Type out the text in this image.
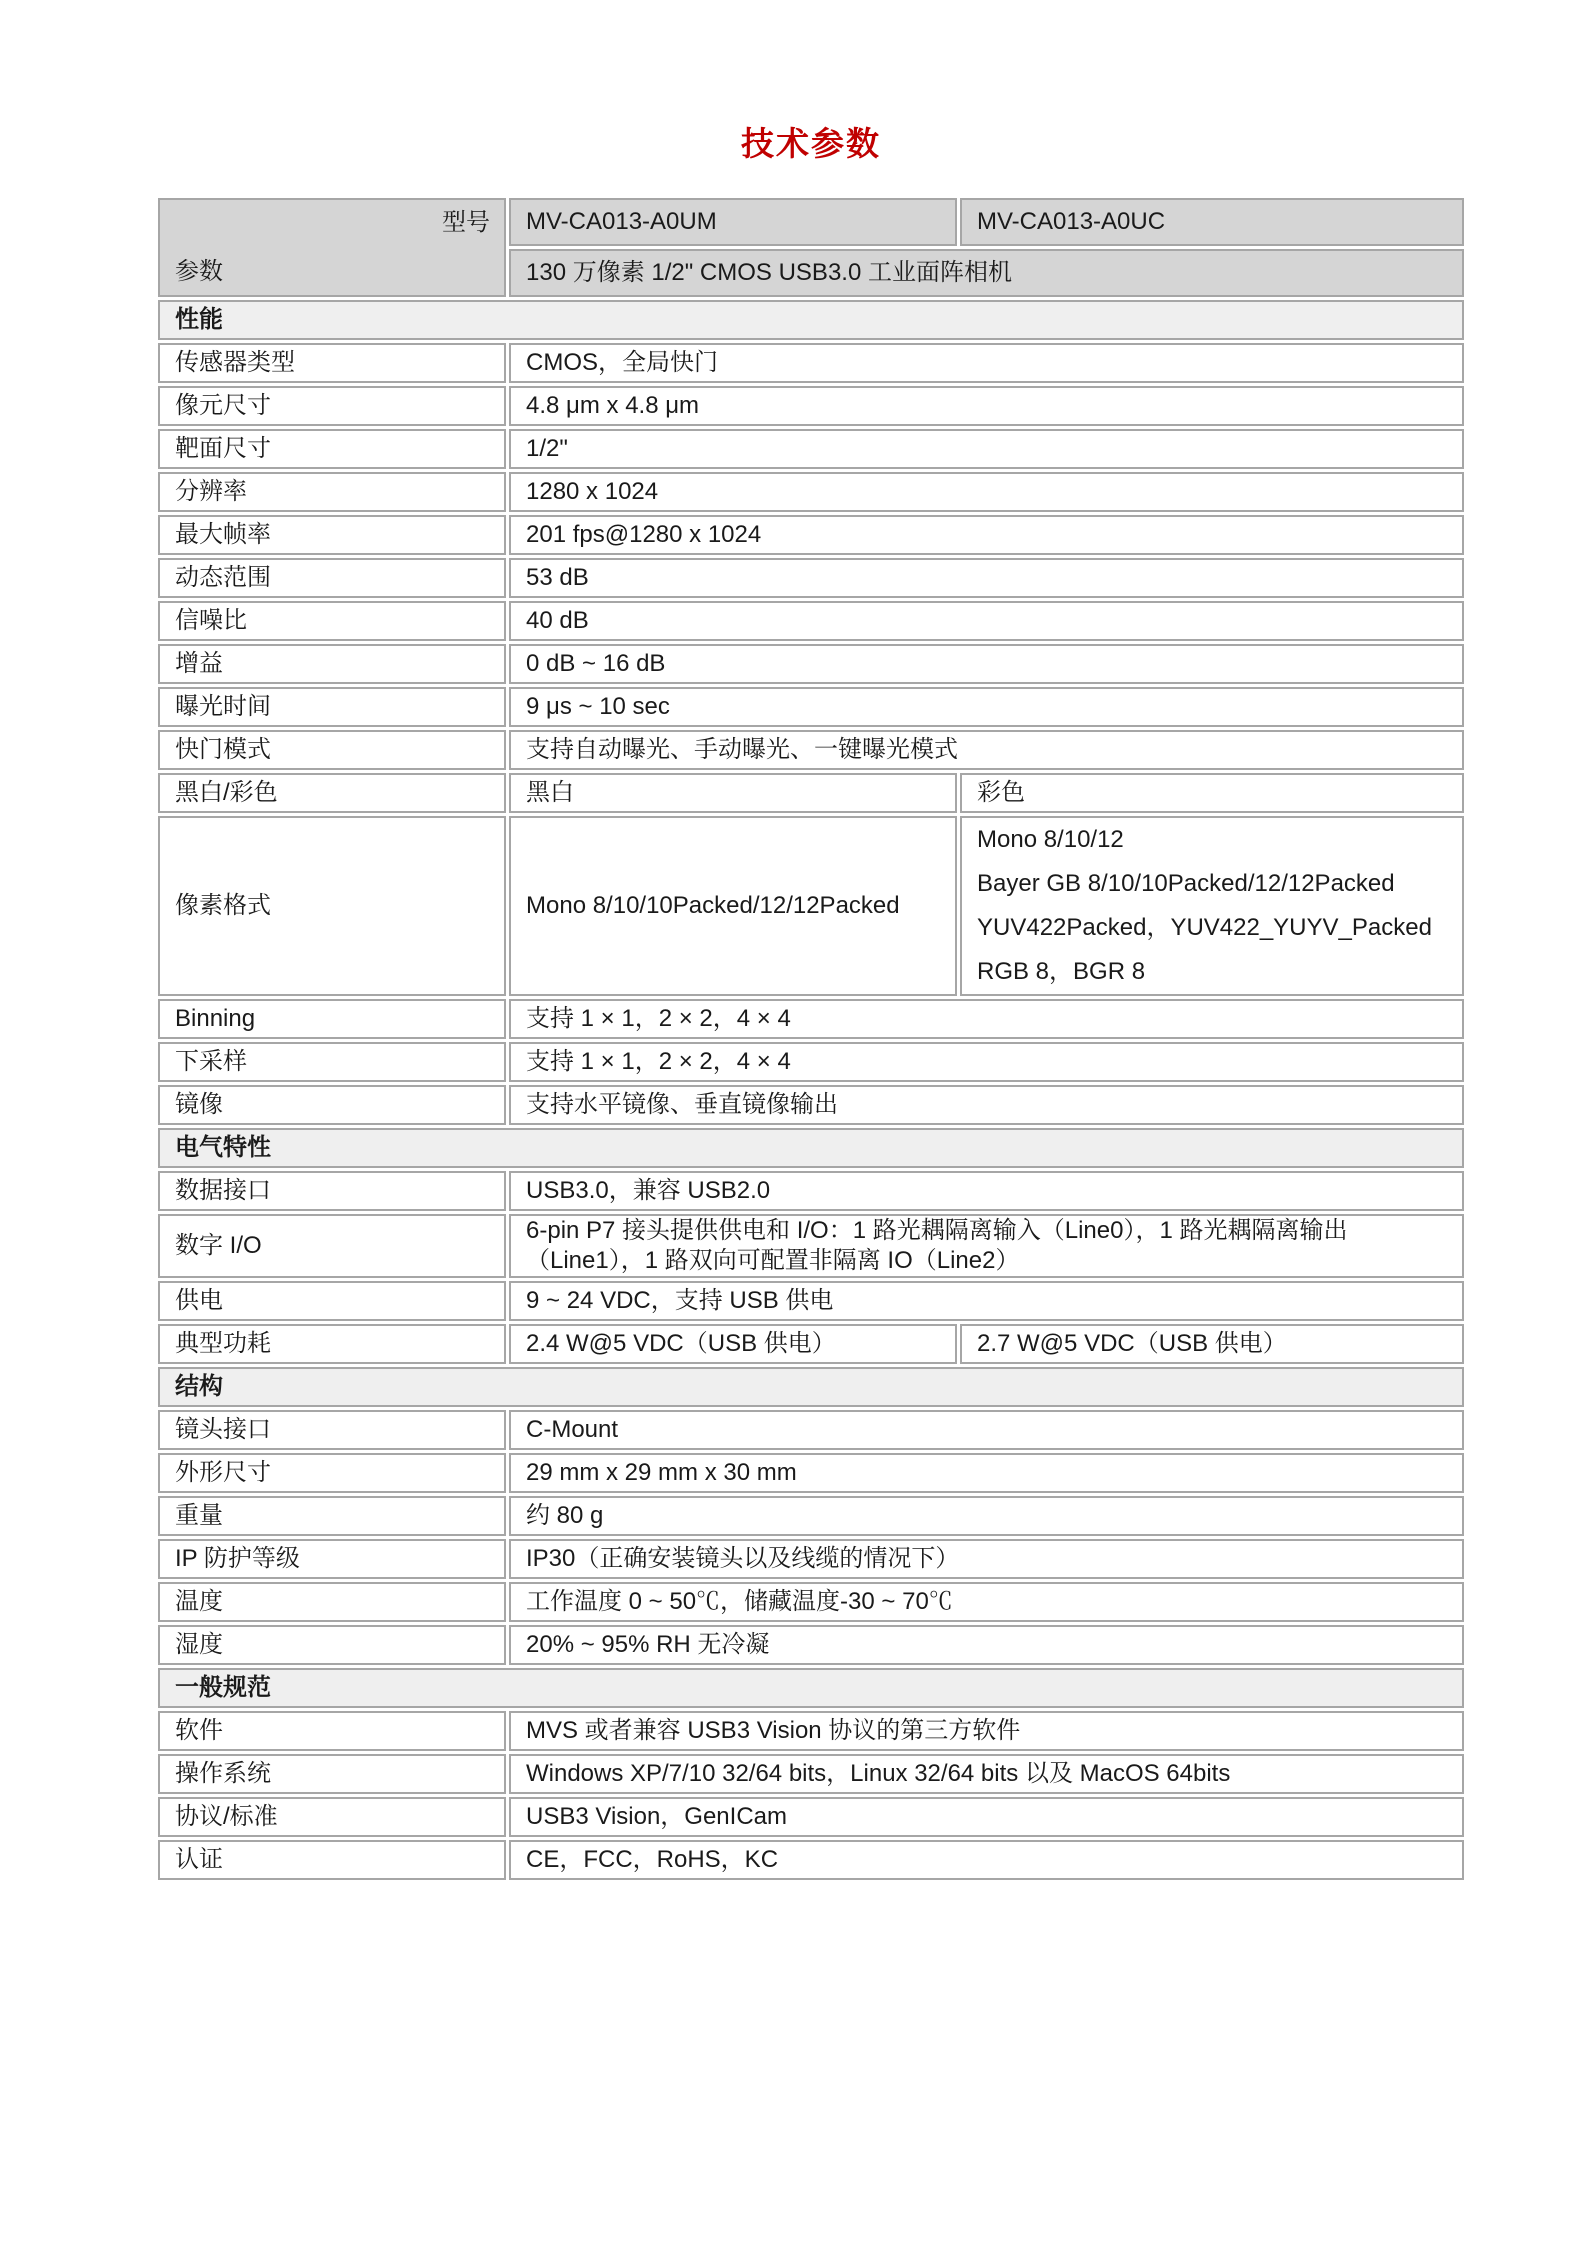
技术参数
型号
参数	MV-CA013-A0UM	MV-CA013-A0UC
	130 万像素 1/2" CMOS USB3.0 工业面阵相机	
性能		
传感器类型	CMOS，全局快门	
像元尺寸	4.8 μm x 4.8 μm	
靶面尺寸	1/2"	
分辨率	1280 x 1024	
最大帧率	201 fps@1280 x 1024	
动态范围	53 dB	
信噪比	40 dB	
增益	0 dB ~ 16 dB	
曝光时间	9 μs ~ 10 sec	
快门模式	支持自动曝光、手动曝光、一键曝光模式	
黑白/彩色	黑白	彩色
像素格式	Mono 8/10/10Packed/12/12Packed	Mono 8/10/12
Bayer GB 8/10/10Packed/12/12Packed
YUV422Packed，YUV422_YUYV_Packed
RGB 8，BGR 8

Binning	支持 1 × 1，2 × 2，4 × 4	
下采样	支持 1 × 1，2 × 2，4 × 4	
镜像	支持水平镜像、垂直镜像输出	
电气特性		
数据接口	USB3.0，兼容 USB2.0	
数字 I/O	6-pin P7 接头提供供电和 I/O：1 路光耦隔离输入（Line0），1 路光耦隔离输出（Line1），1 路双向可配置非隔离 IO（Line2）	
供电	9 ~ 24 VDC，支持 USB 供电	
典型功耗	2.4 W@5 VDC（USB 供电）	2.7 W@5 VDC（USB 供电）
结构		
镜头接口	C-Mount	
外形尺寸	29 mm x 29 mm x 30 mm	
重量	约 80 g	
IP 防护等级	IP30（正确安装镜头以及线缆的情况下）	
温度	工作温度 0 ~ 50℃，储藏温度-30 ~ 70℃	
湿度	20% ~ 95% RH 无冷凝	
一般规范		
软件	MVS 或者兼容 USB3 Vision 协议的第三方软件	
操作系统	Windows XP/7/10 32/64 bits，Linux 32/64 bits 以及 MacOS 64bits	
协议/标准	USB3 Vision，GenICam	
认证	CE，FCC，RoHS，KC	
